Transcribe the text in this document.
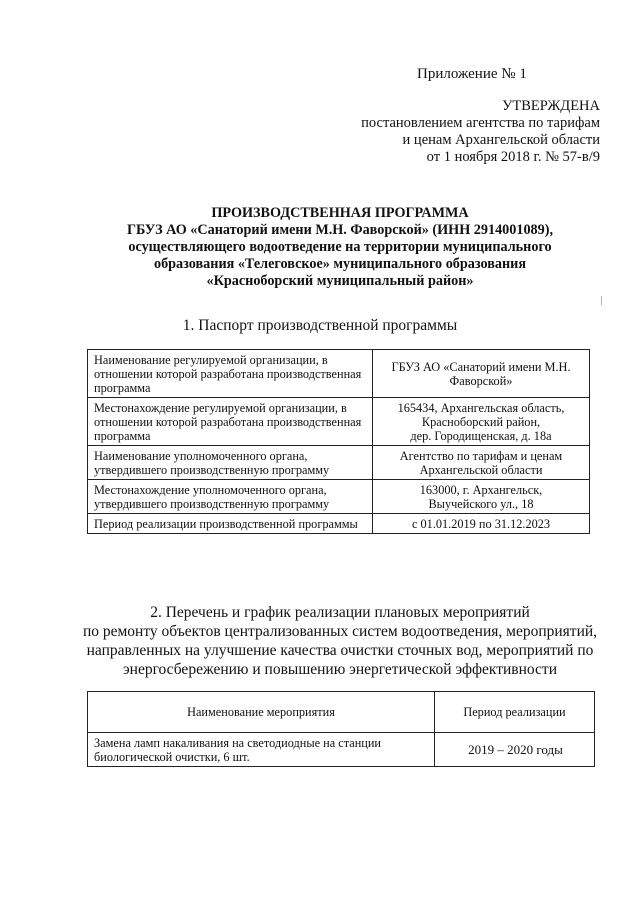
Приложение № 1
УТВЕРЖДЕНА
постановлением агентства по тарифам
и ценам Архангельской области
от 1 ноября 2018 г. № 57-в/9
ПРОИЗВОДСТВЕННАЯ ПРОГРАММА
ГБУЗ АО «Санаторий имени М.Н. Фаворской» (ИНН 2914001089),
осуществляющего водоотведение на территории муниципального
образования «Телеговское» муниципального образования
«Красноборский муниципальный район»
1. Паспорт производственной программы
Наименование регулируемой организации, в отношении которой разработана производственная программа	ГБУЗ АО «Санаторий имени М.Н.
Фаворской»

Местонахождение регулируемой организации, в отношении которой разработана производственная программа	165434, Архангельская область,
Красноборский район,
дер. Городищенская, д. 18а

Наименование уполномоченного органа, утвердившего производственную программу	Агентство по тарифам и ценам
Архангельской области

Местонахождение уполномоченного органа, утвердившего производственную программу	163000, г. Архангельск,
Выучейского ул., 18

Период реализации производственной программы	с 01.01.2019 по 31.12.2023
2. Перечень и график реализации плановых мероприятий
по ремонту объектов централизованных систем водоотведения, мероприятий,
направленных на улучшение качества очистки сточных вод, мероприятий по
энергосбережению и повышению энергетической эффективности
Наименование мероприятия	Период реализации
Замена ламп накаливания на светодиодные на станции биологической очистки, 6 шт.	2019 – 2020 годы
